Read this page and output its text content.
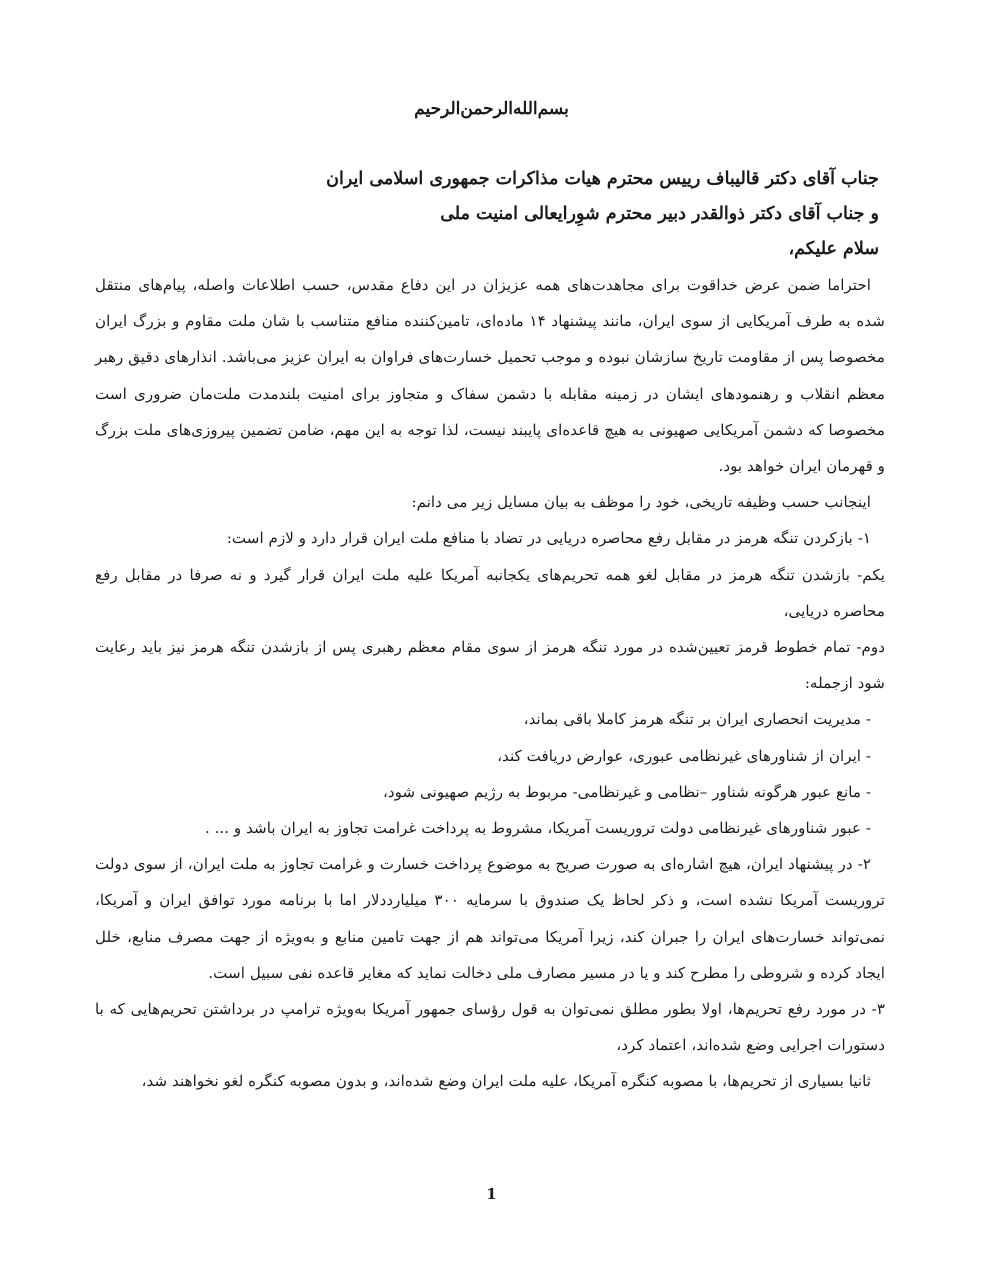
بسم‌الله‌الرحمن‌الرحیم
جناب آقای دکتر قالیباف رییس محترم هیات مذاکرات جمهوری اسلامی ایران
و جناب آقای دکتر ذوالقدر دبیر محترم شوِرایعالی امنیت ملی
سلام علیکم،

احتراما ضمن عرض خداقوت برای مجاهدت‌های همه عزیزان در این دفاع مقدس، حسب اطلاعات واصله، پیام‌های منتقل شده به طرف آمریکایی از سوی ایران، مانند پیشنهاد ۱۴ ماده‌ای، تامین‌کننده منافع متناسب با شان ملت مقاوم و بزرگ ایران مخصوصا پس از مقاومت تاریخ سازشان نبوده و موجب تحمیل خسارت‌های فراوان به ایران عزیز می‌باشد. انذارهای دقیق رهبر معظم انقلاب و رهنمودهای ایشان در زمینه مقابله با دشمن سفاک و متجاوز برای امنیت بلندمدت ملت‌مان ضروری است مخصوصا که دشمن آمریکایی صهیونی به هیچ قاعده‌ای پایبند نیست، لذا توجه به این مهم، ضامن تضمین پیروزی‌های ملت بزرگ و قهرمان ایران خواهد بود.

اینجانب حسب وظیفه تاریخی، خود را موظف به بیان مسایل زیر می دانم:

۱- بازکردن تنگه هرمز در مقابل رفع محاصره دریایی در تضاد با منافع ملت ایران قرار دارد و لازم است:

یکم- بازشدن تنگه هرمز در مقابل لغو همه تحریم‌های یکجانبه آمریکا علیه ملت ایران قرار گیرد و نه صرفا در مقابل رفع محاصره دریایی،

دوم- تمام خطوط قرمز تعیین‌شده در مورد تنگه هرمز از سوی مقام معظم رهبری پس از بازشدن تنگه هرمز نیز باید رعایت شود ازجمله:

- مدیریت انحصاری ایران بر تنگه هرمز کاملا باقی بماند،

- ایران از شناورهای غیرنظامی عبوری، عوارض دریافت کند،

- مانع عبور هرگونه شناور –نظامی و غیرنظامی- مربوط به رژیم صهیونی شود،

- عبور شناورهای غیرنظامی دولت تروریست آمریکا، مشروط به پرداخت غرامت تجاوز به ایران باشد و ... .

۲- در پیشنهاد ایران، هیچ اشاره‌ای به صورت صریح به موضوع پرداخت خسارت و غرامت تجاوز به ملت ایران، از سوی دولت تروریست آمریکا نشده است، و ذکر لحاظ یک صندوق با سرمایه ۳۰۰ میلیارددلار اما با برنامه مورد توافق ایران و آمریکا، نمی‌تواند خسارت‌های ایران را جبران کند، زیرا آمریکا می‌تواند هم از جهت تامین منابع و به‌ویژه از جهت مصرف منابع، خلل ایجاد کرده و شروطی را مطرح کند و یا در مسیر مصارف ملی دخالت نماید که مغایر قاعده نفی سبیل است.

۳- در مورد رفع تحریم‌ها، اولا بطور مطلق نمی‌توان به قول رؤسای جمهور آمریکا به‌ویژه ترامپ در برداشتن تحریم‌هایی که با دستورات اجرایی وضع شده‌اند، اعتماد کرد،

ثانیا بسیاری از تحریم‌ها، با مصوبه کنگره آمریکا، علیه ملت ایران وضع شده‌اند، و بدون مصوبه کنگره لغو نخواهند شد،

1
